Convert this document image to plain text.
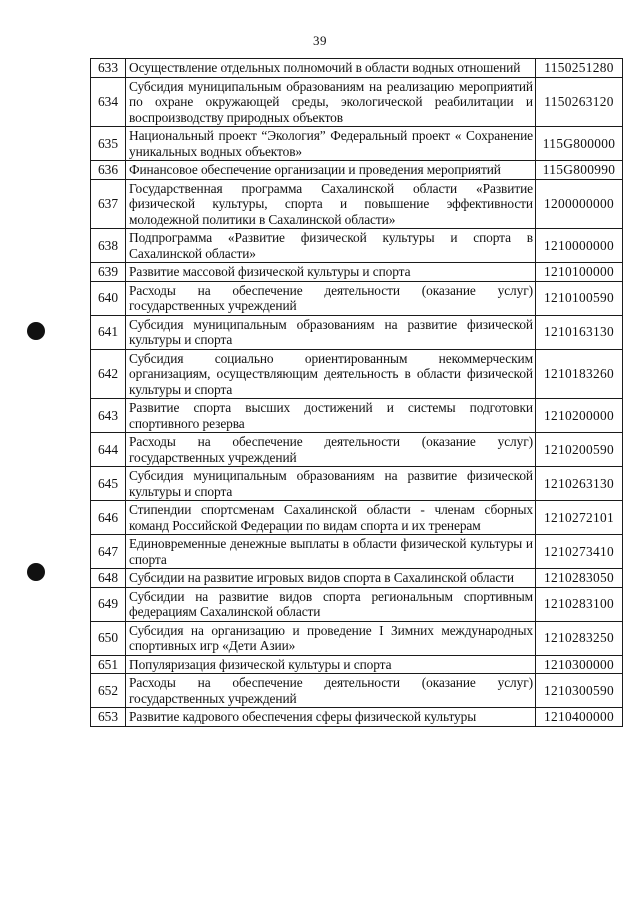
39
633	Осуществление отдельных полномочий в области водных отношений	1150251280
634	Субсидия муниципальным образованиям на реализацию мероприятий по охране окружающей среды, экологической реабилитации и воспроизводству природных объектов	1150263120
635	Национальный проект “Экология” Федеральный проект « Сохранение уникальных водных объектов»	115G800000
636	Финансовое обеспечение организации и проведения мероприятий	115G800990
637	Государственная программа Сахалинской области «Развитие физической культуры, спорта и повышение эффективности молодежной политики в Сахалинской области»	1200000000
638	Подпрограмма «Развитие физической культуры и спорта в Сахалинской области»	1210000000
639	Развитие массовой физической культуры и спорта	1210100000
640	Расходы на обеспечение деятельности (оказание услуг) государственных учреждений	1210100590
641	Субсидия муниципальным образованиям на развитие физической культуры и спорта	1210163130
642	Субсидия социально ориентированным некоммерческим организациям, осуществляющим деятельность в области физической культуры и спорта	1210183260
643	Развитие спорта высших достижений и системы подготовки спортивного резерва	1210200000
644	Расходы на обеспечение деятельности (оказание услуг) государственных учреждений	1210200590
645	Субсидия муниципальным образованиям на развитие физической культуры и спорта	1210263130
646	Стипендии спортсменам Сахалинской области - членам сборных команд Российской Федерации по видам спорта и их тренерам	1210272101
647	Единовременные денежные выплаты в области физической культуры и спорта	1210273410
648	Субсидии на развитие игровых видов спорта в Сахалинской области	1210283050
649	Субсидии на развитие видов спорта региональным спортивным федерациям Сахалинской области	1210283100
650	Субсидия на организацию и проведение I Зимних международных спортивных игр «Дети Азии»	1210283250
651	Популяризация физической культуры и спорта	1210300000
652	Расходы на обеспечение деятельности (оказание услуг) государственных учреждений	1210300590
653	Развитие кадрового обеспечения сферы физической культуры	1210400000
